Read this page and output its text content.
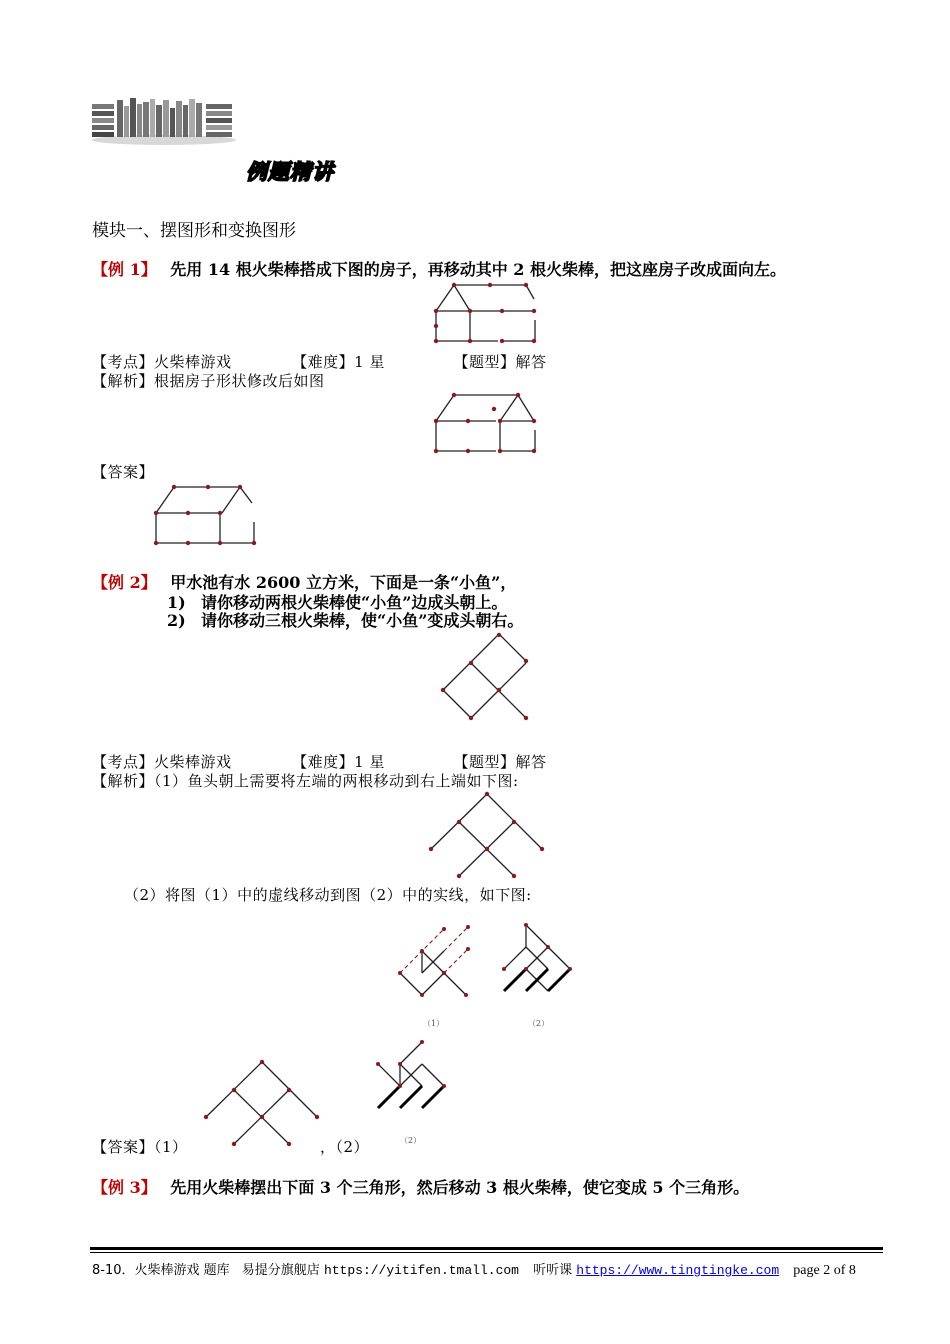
例题精讲
模块一、摆图形和变换图形
【例 1】 先用 14 根火柴棒搭成下图的房子，再移动其中 2 根火柴棒，把这座房子改成面向左。
【考点】火柴棒游戏	【难度】1 星	【题型】解答
【解析】根据房子形状修改后如图
【答案】
【例 2】 甲水池有水 2600 立方米，下面是一条“小鱼”，
1) 请你移动两根火柴棒使“小鱼”边成头朝上。
2) 请你移动三根火柴棒，使“小鱼”变成头朝右。
【考点】火柴棒游戏	【难度】1 星	【题型】解答
【解析】（1）鱼头朝上需要将左端的两根移动到右上端如下图:
（2）将图（1）中的虚线移动到图（2）中的实线，如下图:
（1）	（2）
（2）
【答案】（1）	，（2）
【例 3】 先用火柴棒摆出下面 3 个三角形，然后移动 3 根火柴棒，使它变成 5 个三角形。
8-10．火柴棒游戏 题库 易提分旗舰店 https://yitifen.tmall.com 听听课 https://www.tingtingke.com page 2 of 8
